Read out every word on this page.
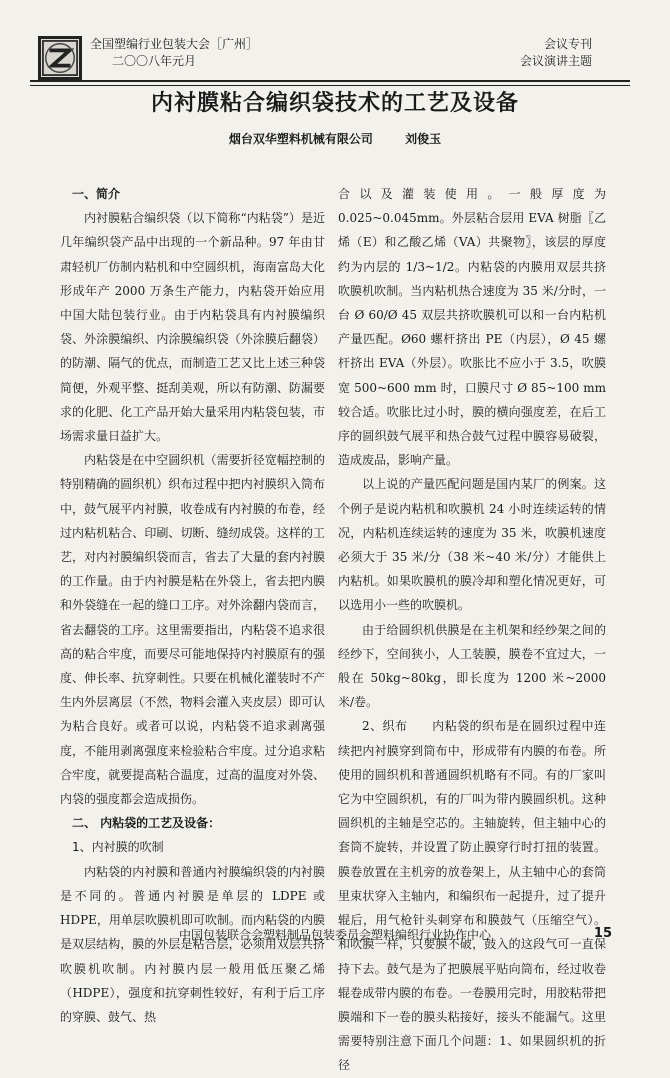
全国塑编行业包装大会［广州］
二〇〇八年元月
会议专刊
会议演讲主题
内衬膜粘合编织袋技术的工艺及设备
烟台双华塑料机械有限公司	刘俊玉
一、简介

内衬膜粘合编织袋（以下简称“内粘袋”）是近几年编织袋产品中出现的一个新品种。97 年由甘肃轻机厂仿制内粘机和中空圆织机，海南富岛大化形成年产 2000 万条生产能力，内粘袋开始应用中国大陆包装行业。由于内粘袋具有内衬膜编织袋、外涂膜编织、内涂膜编织袋（外涂膜后翻袋）的防潮、隔气的优点，而制造工艺又比上述三种袋简便，外观平整、挺刮美观，所以有防潮、防漏要求的化肥、化工产品开始大量采用内粘袋包装，市场需求量日益扩大。

内粘袋是在中空圆织机（需要折径宽幅控制的特别精确的圆织机）织布过程中把内衬膜织入筒布中，鼓气展平内衬膜，收卷成有内衬膜的布卷，经过内粘机粘合、印刷、切断、缝纫成袋。这样的工艺，对内衬膜编织袋而言，省去了大量的套内衬膜的工作量。由于内衬膜是粘在外袋上，省去把内膜和外袋缝在一起的缝口工序。对外涂翻内袋而言，省去翻袋的工序。这里需要指出，内粘袋不追求很高的粘合牢度，而要尽可能地保持内衬膜原有的强度、伸长率、抗穿刺性。只要在机械化灌装时不产生内外层离层（不然，物料会灌入夹皮层）即可认为粘合良好。或者可以说，内粘袋不追求剥离强度，不能用剥离强度来检验粘合牢度。过分追求粘合牢度，就要提高粘合温度，过高的温度对外袋、内袋的强度都会造成损伤。

二、 内粘袋的工艺及设备：
1、内衬膜的吹制

内粘袋的内衬膜和普通内衬膜编织袋的内衬膜是不同的。普通内衬膜是单层的 LDPE 或 HDPE，用单层吹膜机即可吹制。而内粘袋的内膜是双层结构，膜的外层是粘合层，必须用双层共挤吹膜机吹制。内衬膜内层一般用低压聚乙烯（HDPE），强度和抗穿刺性较好，有利于后工序的穿膜、鼓气、热

合以及灌装使用。一般厚度为 0.025~0.045mm。外层粘合层用 EVA 树脂〖乙烯（E）和乙酸乙烯（VA）共聚物〗，该层的厚度约为内层的 1/3~1/2。内粘袋的内膜用双层共挤吹膜机吹制。当内粘机热合速度为 35 米/分时，一台 Ø 60/Ø 45 双层共挤吹膜机可以和一台内粘机产量匹配。Ø60 螺杆挤出 PE（内层），Ø 45 螺杆挤出 EVA（外层）。吹胀比不应小于 3.5，吹膜宽 500~600 mm 时，口膜尺寸 Ø 85~100 mm 较合适。吹胀比过小时，膜的横向强度差，在后工序的圆织鼓气展平和热合鼓气过程中膜容易破裂，造成废品，影响产量。

以上说的产量匹配问题是国内某厂的例案。这个例子是说内粘机和吹膜机 24 小时连续运转的情况，内粘机连续运转的速度为 35 米，吹膜机速度必须大于 35 米/分（38 米~40 米/分）才能供上内粘机。如果吹膜机的膜冷却和塑化情况更好，可以选用小一些的吹膜机。

由于给圆织机供膜是在主机架和经纱架之间的经纱下，空间狭小，人工装膜，膜卷不宜过大，一般在 50kg~80kg，即长度为 1200 米~2000 米/卷。

2、织布　　内粘袋的织布是在圆织过程中连续把内衬膜穿到筒布中，形成带有内膜的布卷。所使用的圆织机和普通圆织机略有不同。有的厂家叫它为中空圆织机，有的厂叫为带内膜圆织机。这种圆织机的主轴是空芯的。主轴旋转，但主轴中心的套筒不旋转，并设置了防止膜穿行时打扭的装置。膜卷放置在主机旁的放卷架上，从主轴中心的套筒里束状穿入主轴内，和编织布一起提升，过了提升辊后，用气枪针头刺穿布和膜鼓气（压缩空气）。和吹膜一样，只要膜不破，鼓入的这段气可一直保持下去。鼓气是为了把膜展平贴向筒布，经过收卷辊卷成带内膜的布卷。一卷膜用完时，用胶粘带把膜端和下一卷的膜头粘接好，接头不能漏气。这里需要特别注意下面几个问题：1、如果圆织机的折径

中国包装联合会塑料制品包装委员会塑料编织行业协作中心	15
